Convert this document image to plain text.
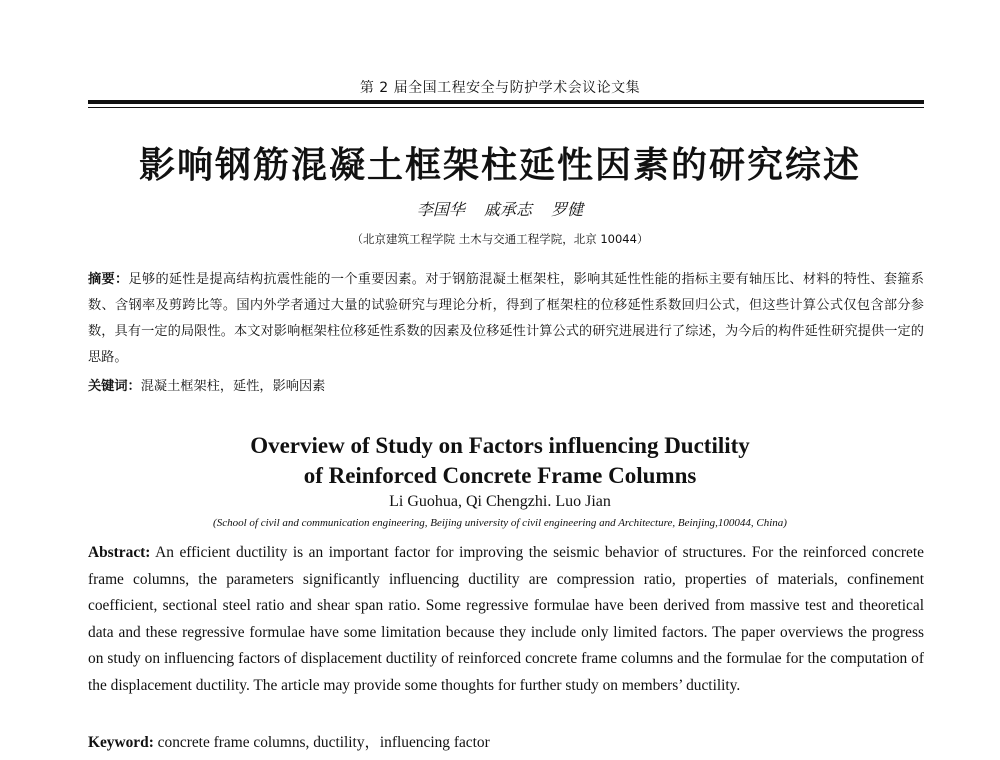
第 2 届全国工程安全与防护学术会议论文集
影响钢筋混凝土框架柱延性因素的研究综述
李国华 戚承志 罗健
（北京建筑工程学院 土木与交通工程学院，北京 10044）
摘要：足够的延性是提高结构抗震性能的一个重要因素。对于钢筋混凝土框架柱，影响其延性性能的指标主要有轴压比、材料的特性、套箍系数、含钢率及剪跨比等。国内外学者通过大量的试验研究与理论分析，得到了框架柱的位移延性系数回归公式，但这些计算公式仅包含部分参数，具有一定的局限性。本文对影响框架柱位移延性系数的因素及位移延性计算公式的研究进展进行了综述，为今后的构件延性研究提供一定的思路。
关键词：混凝土框架柱，延性，影响因素
Overview of Study on Factors influencing Ductility
of Reinforced Concrete Frame Columns
Li Guohua, Qi Chengzhi. Luo Jian
(School of civil and communication engineering, Beijing university of civil engineering and Architecture, Beinjing,100044, China)
Abstract: An efficient ductility is an important factor for improving the seismic behavior of structures. For the reinforced concrete frame columns, the parameters significantly influencing ductility are compression ratio, properties of materials, confinement coefficient, sectional steel ratio and shear span ratio. Some regressive formulae have been derived from massive test and theoretical data and these regressive formulae have some limitation because they include only limited factors. The paper overviews the progress on study on influencing factors of displacement ductility of reinforced concrete frame columns and the formulae for the computation of the displacement ductility. The article may provide some thoughts for further study on members’ ductility.
Keyword: concrete frame columns, ductility，influencing factor
